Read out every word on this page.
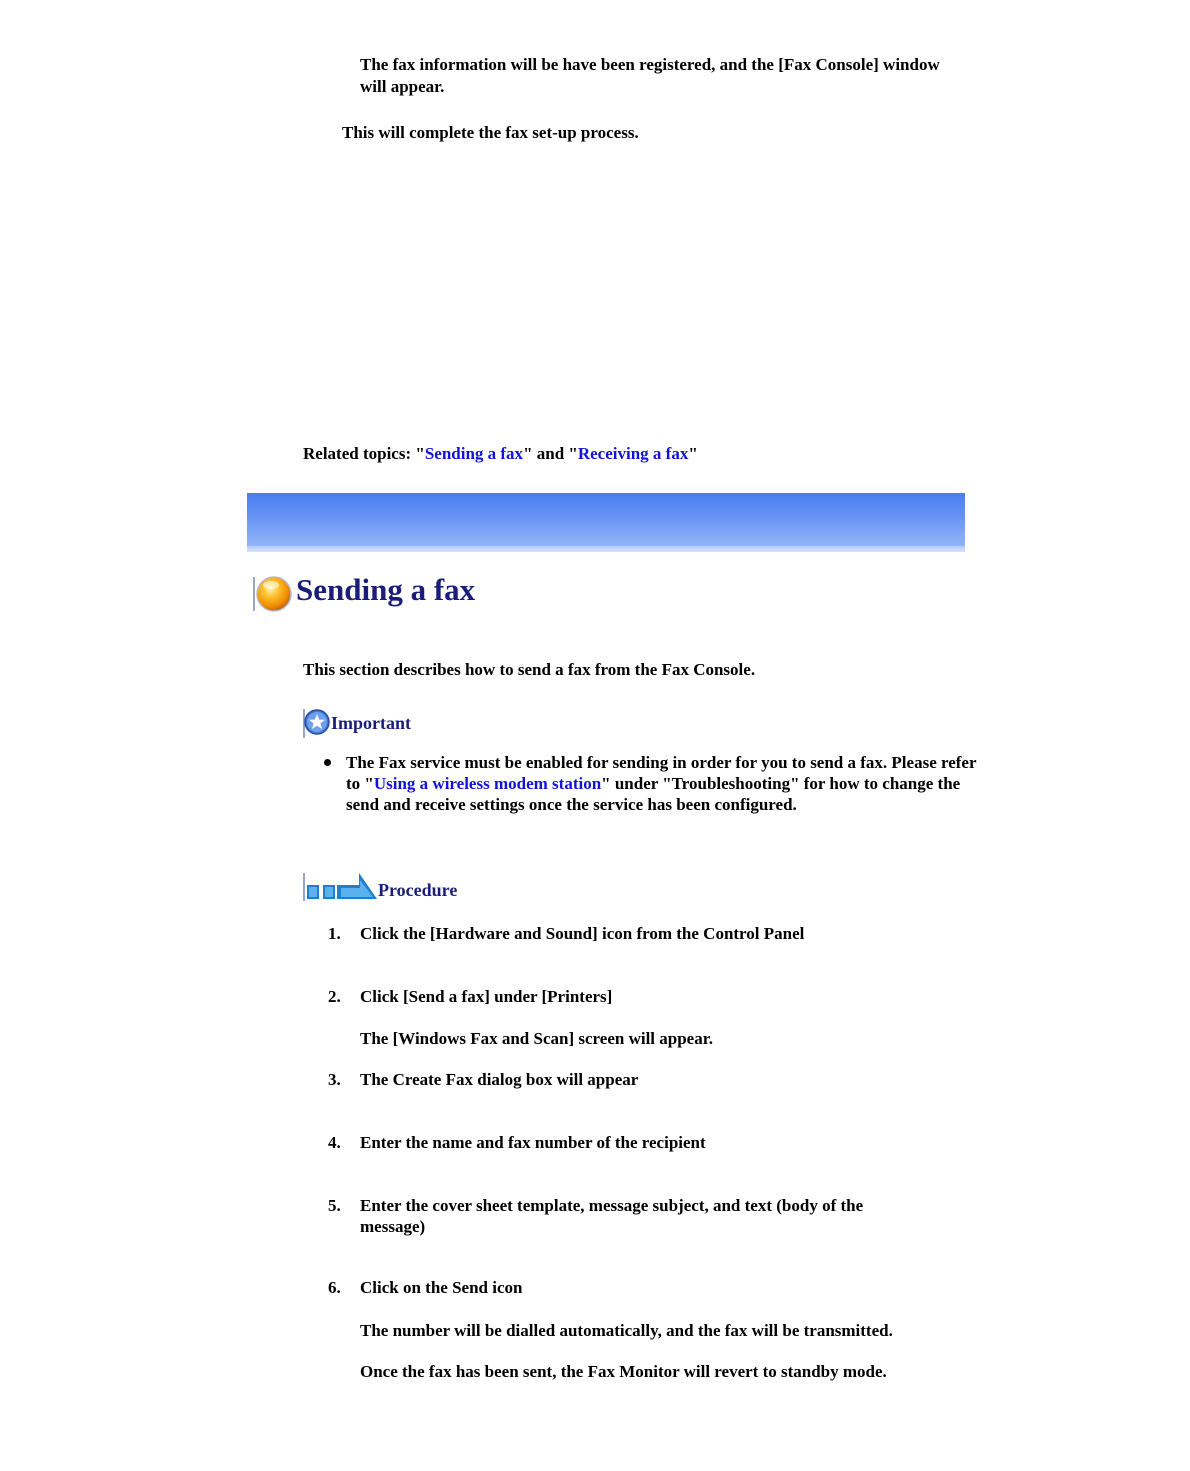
The fax information will be have been registered, and the [Fax Console] window will appear.
This will complete the fax set-up process.
Related topics: "Sending a fax" and "Receiving a fax"
Sending a fax
This section describes how to send a fax from the Fax Console.
Important
The Fax service must be enabled for sending in order for you to send a fax. Please refer to "Using a wireless modem station" under "Troubleshooting" for how to change the send and receive settings once the service has been configured.
Procedure
1. Click the [Hardware and Sound] icon from the Control Panel
2. Click [Send a fax] under [Printers]
The [Windows Fax and Scan] screen will appear.
3. The Create Fax dialog box will appear
4. Enter the name and fax number of the recipient
5. Enter the cover sheet template, message subject, and text (body of the
message)
6. Click on the Send icon
The number will be dialled automatically, and the fax will be transmitted.
Once the fax has been sent, the Fax Monitor will revert to standby mode.
